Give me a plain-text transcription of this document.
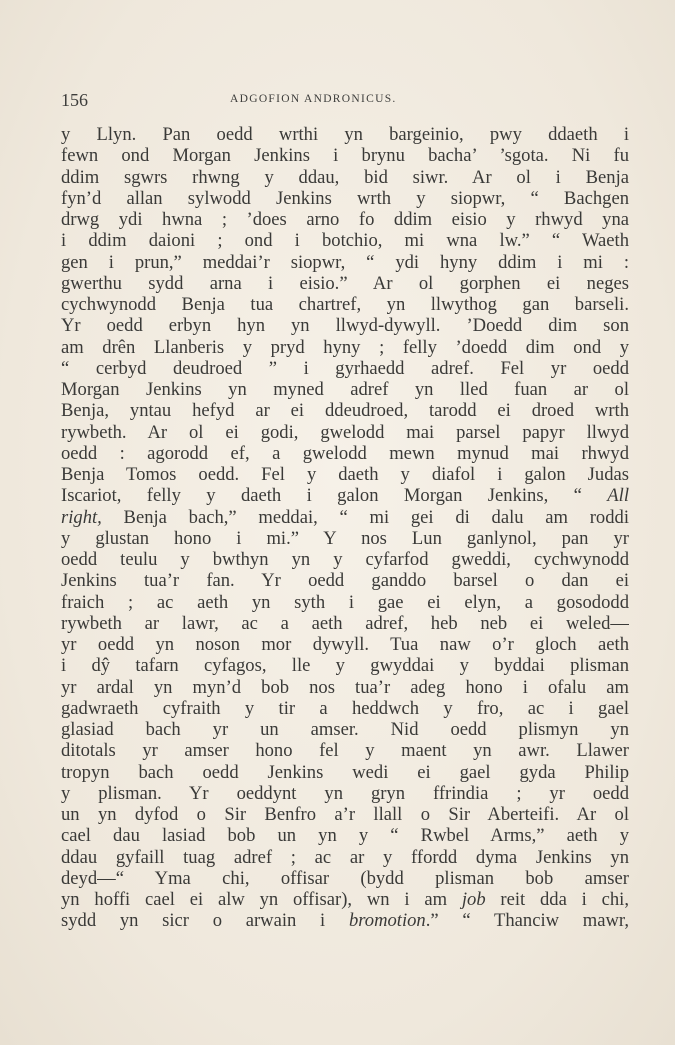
156	ADGOFION ANDRONICUS.
y Llyn. Pan oedd wrthi yn bargeinio, pwy ddaeth i
fewn ond Morgan Jenkins i brynu bacha’ ’sgota. Ni fu
ddim sgwrs rhwng y ddau, bid siwr. Ar ol i Benja
fyn’d allan sylwodd Jenkins wrth y siopwr, “ Bachgen
drwg ydi hwna ; ’does arno fo ddim eisio y rhwyd yna
i ddim daioni ; ond i botchio, mi wna lw.” “ Waeth
gen i prun,” meddai’r siopwr, “ ydi hyny ddim i mi :
gwerthu sydd arna i eisio.” Ar ol gorphen ei neges
cychwynodd Benja tua chartref, yn llwythog gan barseli.
Yr oedd erbyn hyn yn llwyd-dywyll. ’Doedd dim son
am drên Llanberis y pryd hyny ; felly ’doedd dim ond y
“ cerbyd deudroed ” i gyrhaedd adref. Fel yr oedd
Morgan Jenkins yn myned adref yn lled fuan ar ol
Benja, yntau hefyd ar ei ddeudroed, tarodd ei droed wrth
rywbeth. Ar ol ei godi, gwelodd mai parsel papyr llwyd
oedd : agorodd ef, a gwelodd mewn mynud mai rhwyd
Benja Tomos oedd. Fel y daeth y diafol i galon Judas
Iscariot, felly y daeth i galon Morgan Jenkins, “ All
right, Benja bach,” meddai, “ mi gei di dalu am roddi
y glustan hono i mi.” Y nos Lun ganlynol, pan yr
oedd teulu y bwthyn yn y cyfarfod gweddi, cychwynodd
Jenkins tua’r fan. Yr oedd ganddo barsel o dan ei
fraich ; ac aeth yn syth i gae ei elyn, a gosododd
rywbeth ar lawr, ac a aeth adref, heb neb ei weled—
yr oedd yn noson mor dywyll. Tua naw o’r gloch aeth
i dŷ tafarn cyfagos, lle y gwyddai y byddai plisman
yr ardal yn myn’d bob nos tua’r adeg hono i ofalu am
gadwraeth cyfraith y tir a heddwch y fro, ac i gael
glasiad bach yr un amser. Nid oedd plismyn yn
ditotals yr amser hono fel y maent yn awr. Llawer
tropyn bach oedd Jenkins wedi ei gael gyda Philip
y plisman. Yr oeddynt yn gryn ffrindia ; yr oedd
un yn dyfod o Sir Benfro a’r llall o Sir Aberteifi. Ar ol
cael dau lasiad bob un yn y “ Rwbel Arms,” aeth y
ddau gyfaill tuag adref ; ac ar y ffordd dyma Jenkins yn
deyd—“ Yma chi, offisar (bydd plisman bob amser
yn hoffi cael ei alw yn offisar), wn i am job reit dda i chi,
sydd yn sicr o arwain i bromotion.” “ Thanciw mawr,
